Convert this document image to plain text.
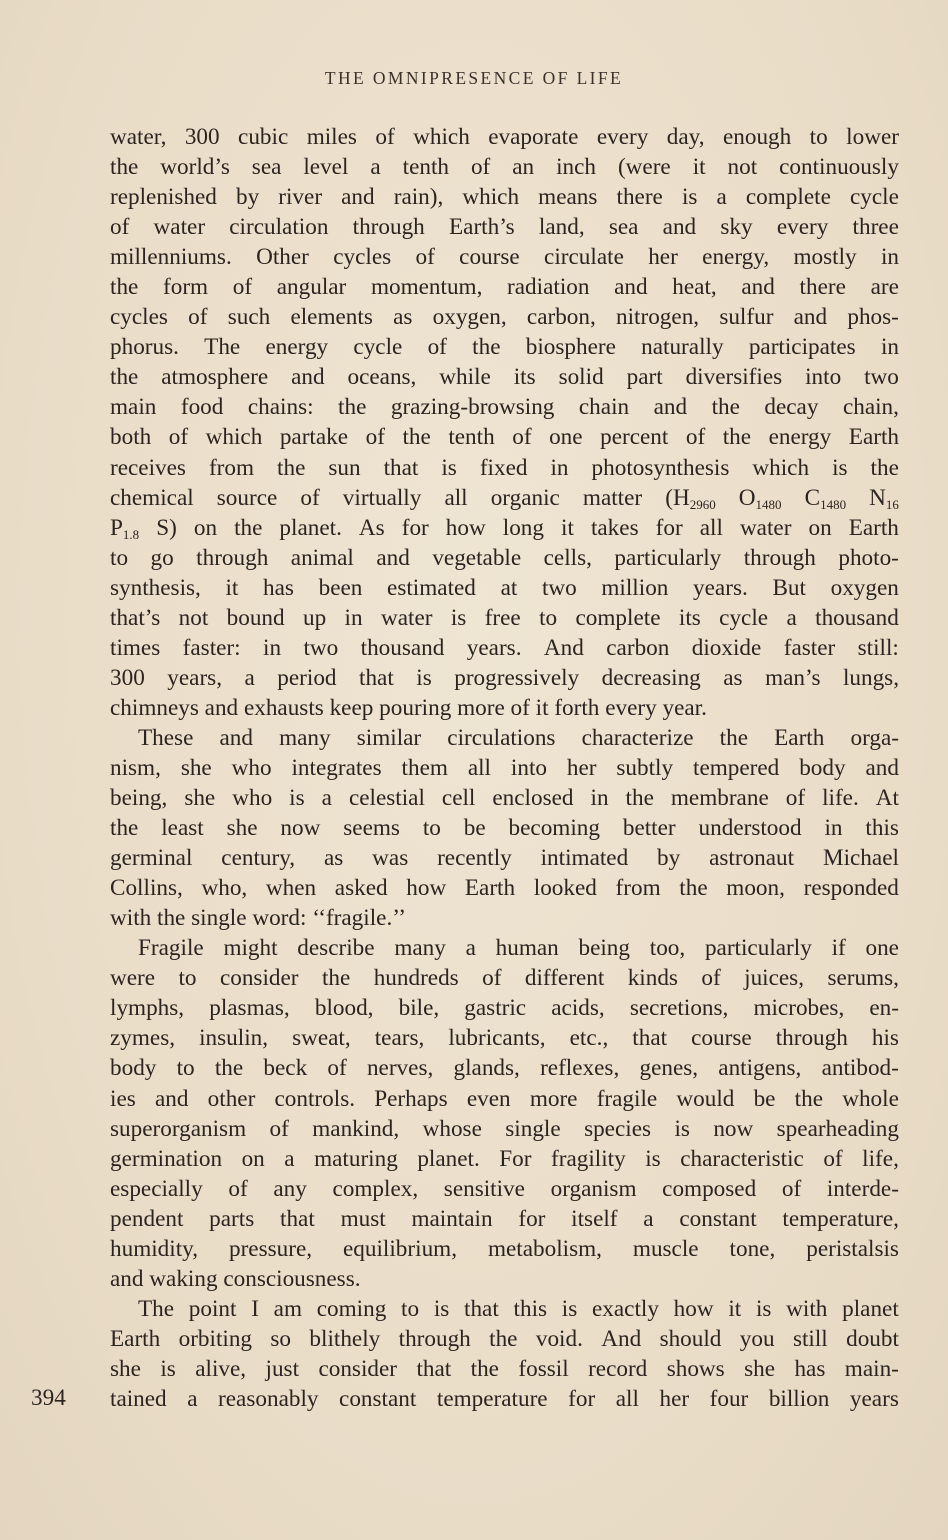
THE OMNIPRESENCE OF LIFE
water, 300 cubic miles of which evaporate every day, enough to lower
the world’s sea level a tenth of an inch (were it not continuously
replenished by river and rain), which means there is a complete cycle
of water circulation through Earth’s land, sea and sky every three
millenniums. Other cycles of course circulate her energy, mostly in
the form of angular momentum, radiation and heat, and there are
cycles of such elements as oxygen, carbon, nitrogen, sulfur and phos-
phorus. The energy cycle of the biosphere naturally participates in
the atmosphere and oceans, while its solid part diversifies into two
main food chains: the grazing-browsing chain and the decay chain,
both of which partake of the tenth of one percent of the energy Earth
receives from the sun that is fixed in photosynthesis which is the
chemical source of virtually all organic matter ($H_{2960}$ $O_{1480}$ $C_{1480}$ $N_{16}$
$P_{1.8}$ S) on the planet. As for how long it takes for all water on Earth
to go through animal and vegetable cells, particularly through photo-
synthesis, it has been estimated at two million years. But oxygen
that’s not bound up in water is free to complete its cycle a thousand
times faster: in two thousand years. And carbon dioxide faster still:
300 years, a period that is progressively decreasing as man’s lungs,
chimneys and exhausts keep pouring more of it forth every year.
These and many similar circulations characterize the Earth orga-
nism, she who integrates them all into her subtly tempered body and
being, she who is a celestial cell enclosed in the membrane of life. At
the least she now seems to be becoming better understood in this
germinal century, as was recently intimated by astronaut Michael
Collins, who, when asked how Earth looked from the moon, responded
with the single word: ‘‘fragile.’’
Fragile might describe many a human being too, particularly if one
were to consider the hundreds of different kinds of juices, serums,
lymphs, plasmas, blood, bile, gastric acids, secretions, microbes, en-
zymes, insulin, sweat, tears, lubricants, etc., that course through his
body to the beck of nerves, glands, reflexes, genes, antigens, antibod-
ies and other controls. Perhaps even more fragile would be the whole
superorganism of mankind, whose single species is now spearheading
germination on a maturing planet. For fragility is characteristic of life,
especially of any complex, sensitive organism composed of interde-
pendent parts that must maintain for itself a constant temperature,
humidity, pressure, equilibrium, metabolism, muscle tone, peristalsis
and waking consciousness.
The point I am coming to is that this is exactly how it is with planet
Earth orbiting so blithely through the void. And should you still doubt
she is alive, just consider that the fossil record shows she has main-
tained a reasonably constant temperature for all her four billion years
394
